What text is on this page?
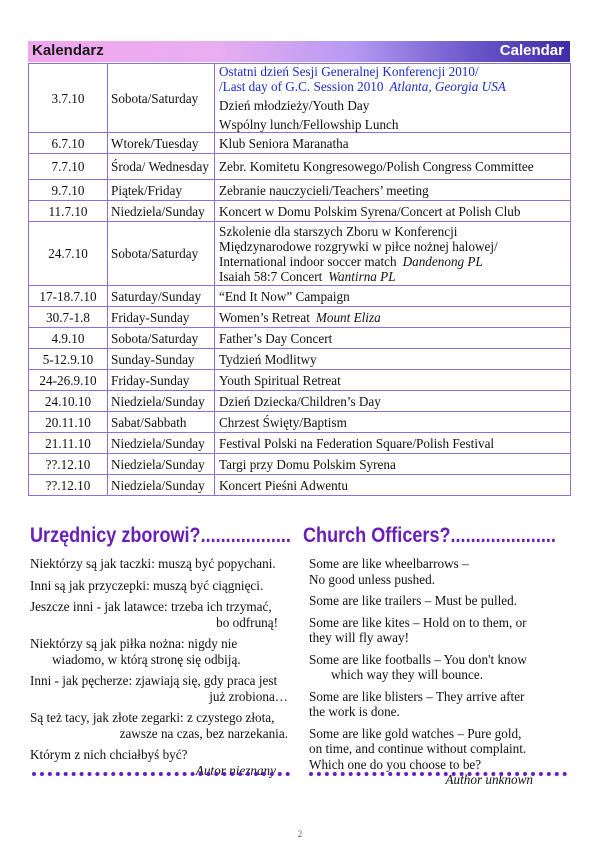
Kalendarz	Calendar
3.7.10	Sobota/Saturday	Ostatni dzień Sesji Generalnej Konferencji 2010/
/Last day of G.C. Session 2010 Atlanta, Georgia USA
Dzień młodzieży/Youth Day
Wspólny lunch/Fellowship Lunch

6.7.10	Wtorek/Tuesday	Klub Seniora Maranatha

7.7.10	Środa/ Wednesday	Zebr. Komitetu Kongresowego/Polish Congress Committee

9.7.10	Piątek/Friday	Zebranie nauczycieli/Teachers’ meeting

11.7.10	Niedziela/Sunday	Koncert w Domu Polskim Syrena/Concert at Polish Club

24.7.10	Sobota/Saturday	Szkolenie dla starszych Zboru w Konferencji
Międzynarodowe rozgrywki w piłce nożnej halowej/
International indoor soccer match Dandenong PL
Isaiah 58:7 Concert Wantirna PL

17-18.7.10	Saturday/Sunday	“End It Now” Campaign

30.7-1.8	Friday-Sunday	Women’s Retreat Mount Eliza

4.9.10	Sobota/Saturday	Father’s Day Concert

5-12.9.10	Sunday-Sunday	Tydzień Modlitwy

24-26.9.10	Friday-Sunday	Youth Spiritual Retreat

24.10.10	Niedziela/Sunday	Dzień Dziecka/Children’s Day

20.11.10	Sabat/Sabbath	Chrzest Święty/Baptism

21.11.10	Niedziela/Sunday	Festival Polski na Federation Square/Polish Festival

??.12.10	Niedziela/Sunday	Targi przy Domu Polskim Syrena

??.12.10	Niedziela/Sunday	Koncert Pieśni Adwentu
Urzędnicy zborowi?.................. Church Officers?.....................

Niektórzy są jak taczki: muszą być popychani.

Inni są jak przyczepki: muszą być ciągnięci.

Jeszcze inni - jak latawce: trzeba ich trzymać,

bo odfruną!

Niektórzy są jak piłka nożna: nigdy nie

wiadomo, w którą stronę się odbiją.

Inni - jak pęcherze: zjawiają się, gdy praca jest

już zrobiona…

Są też tacy, jak złote zegarki: z czystego złota,

zawsze na czas, bez narzekania.

Którym z nich chciałbyś być?

Autor nieznany

Some are like wheelbarrows –

No good unless pushed.

Some are like trailers – Must be pulled.

Some are like kites – Hold on to them, or

they will fly away!

Some are like footballs – You don't know

which way they will bounce.

Some are like blisters – They arrive after

the work is done.

Some are like gold watches – Pure gold,

on time, and continue without complaint.

Which one do you choose to be?

Author unknown

2
